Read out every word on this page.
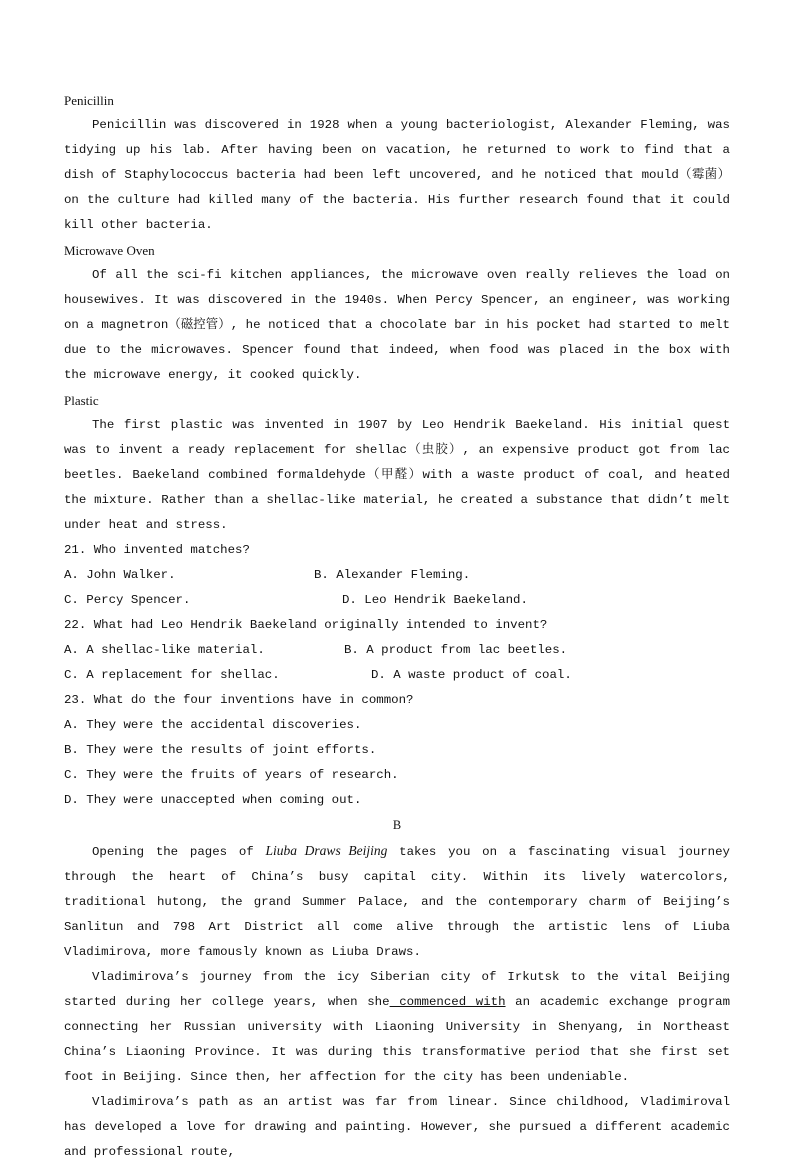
Penicillin

Penicillin was discovered in 1928 when a young bacteriologist, Alexander Fleming, was tidying up his lab. After having been on vacation, he returned to work to find that a dish of Staphylococcus bacteria had been left uncovered, and he noticed that mould（霉菌）on the culture had killed many of the bacteria. His further research found that it could kill other bacteria.

Microwave Oven

Of all the sci-fi kitchen appliances, the microwave oven really relieves the load on housewives. It was discovered in the 1940s. When Percy Spencer, an engineer, was working on a magnetron（磁控管）, he noticed that a chocolate bar in his pocket had started to melt due to the microwaves. Spencer found that indeed, when food was placed in the box with the microwave energy, it cooked quickly.

Plastic

The first plastic was invented in 1907 by Leo Hendrik Baekeland. His initial quest was to invent a ready replacement for shellac（虫胶）, an expensive product got from lac beetles. Baekeland combined formaldehyde（甲醛）with a waste product of coal, and heated the mixture. Rather than a shellac-like material, he created a substance that didn’t melt under heat and stress.

21. Who invented matches?

A. John Walker.	B. Alexander Fleming.
C. Percy Spencer.	D. Leo Hendrik Baekeland.

22. What had Leo Hendrik Baekeland originally intended to invent?

A. A shellac-like material.	B. A product from lac beetles.
C. A replacement for shellac.	D. A waste product of coal.

23. What do the four inventions have in common?

A. They were the accidental discoveries.

B. They were the results of joint efforts.

C. They were the fruits of years of research.

D. They were unaccepted when coming out.

B

Opening the pages of Liuba Draws Beijing takes you on a fascinating visual journey through the heart of China’s busy capital city. Within its lively watercolors, traditional hutong, the grand Summer Palace, and the contemporary charm of Beijing’s Sanlitun and 798 Art District all come alive through the artistic lens of Liuba Vladimirova, more famously known as Liuba Draws.

Vladimirova’s journey from the icy Siberian city of Irkutsk to the vital Beijing started during her college years, when she commenced with an academic exchange program connecting her Russian university with Liaoning University in Shenyang, in Northeast China’s Liaoning Province. It was during this transformative period that she first set foot in Beijing. Since then, her affection for the city has been undeniable.

Vladimirova’s path as an artist was far from linear. Since childhood, Vladimiroval has developed a love for drawing and painting. However, she pursued a different academic and professional route,
